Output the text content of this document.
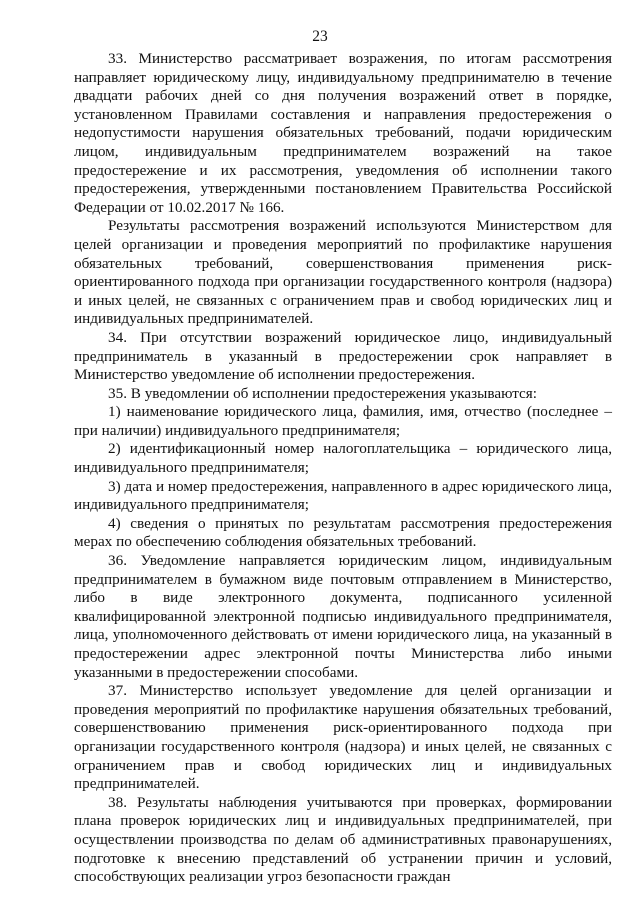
23

33. Министерство рассматривает возражения, по итогам рассмотрения направляет юридическому лицу, индивидуальному предпринимателю в течение двадцати рабочих дней со дня получения возражений ответ в порядке, установленном Правилами составления и направления предостережения о недопустимости нарушения обязательных требований, подачи юридическим лицом, индивидуальным предпринимателем возражений на такое предостережение и их рассмотрения, уведомления об исполнении такого предостережения, утвержденными постановлением Правительства Российской Федерации от 10.02.2017 № 166.

Результаты рассмотрения возражений используются Министерством для целей организации и проведения мероприятий по профилактике нарушения обязательных требований, совершенствования применения риск-ориентированного подхода при организации государственного контроля (надзора) и иных целей, не связанных с ограничением прав и свобод юридических лиц и индивидуальных предпринимателей.

34. При отсутствии возражений юридическое лицо, индивидуальный предприниматель в указанный в предостережении срок направляет в Министерство уведомление об исполнении предостережения.

35. В уведомлении об исполнении предостережения указываются:

1) наименование юридического лица, фамилия, имя, отчество (последнее – при наличии) индивидуального предпринимателя;

2) идентификационный номер налогоплательщика – юридического лица, индивидуального предпринимателя;

3) дата и номер предостережения, направленного в адрес юридического лица, индивидуального предпринимателя;

4) сведения о принятых по результатам рассмотрения предостережения мерах по обеспечению соблюдения обязательных требований.

36. Уведомление направляется юридическим лицом, индивидуальным предпринимателем в бумажном виде почтовым отправлением в Министерство, либо в виде электронного документа, подписанного усиленной квалифицированной электронной подписью индивидуального предпринимателя, лица, уполномоченного действовать от имени юридического лица, на указанный в предостережении адрес электронной почты Министерства либо иными указанными в предостережении способами.

37. Министерство использует уведомление для целей организации и проведения мероприятий по профилактике нарушения обязательных требований, совершенствованию применения риск-ориентированного подхода при организации государственного контроля (надзора) и иных целей, не связанных с ограничением прав и свобод юридических лиц и индивидуальных предпринимателей.

38. Результаты наблюдения учитываются при проверках, формировании плана проверок юридических лиц и индивидуальных предпринимателей, при осуществлении производства по делам об административных правонарушениях, подготовке к внесению представлений об устранении причин и условий, способствующих реализации угроз безопасности граждан
